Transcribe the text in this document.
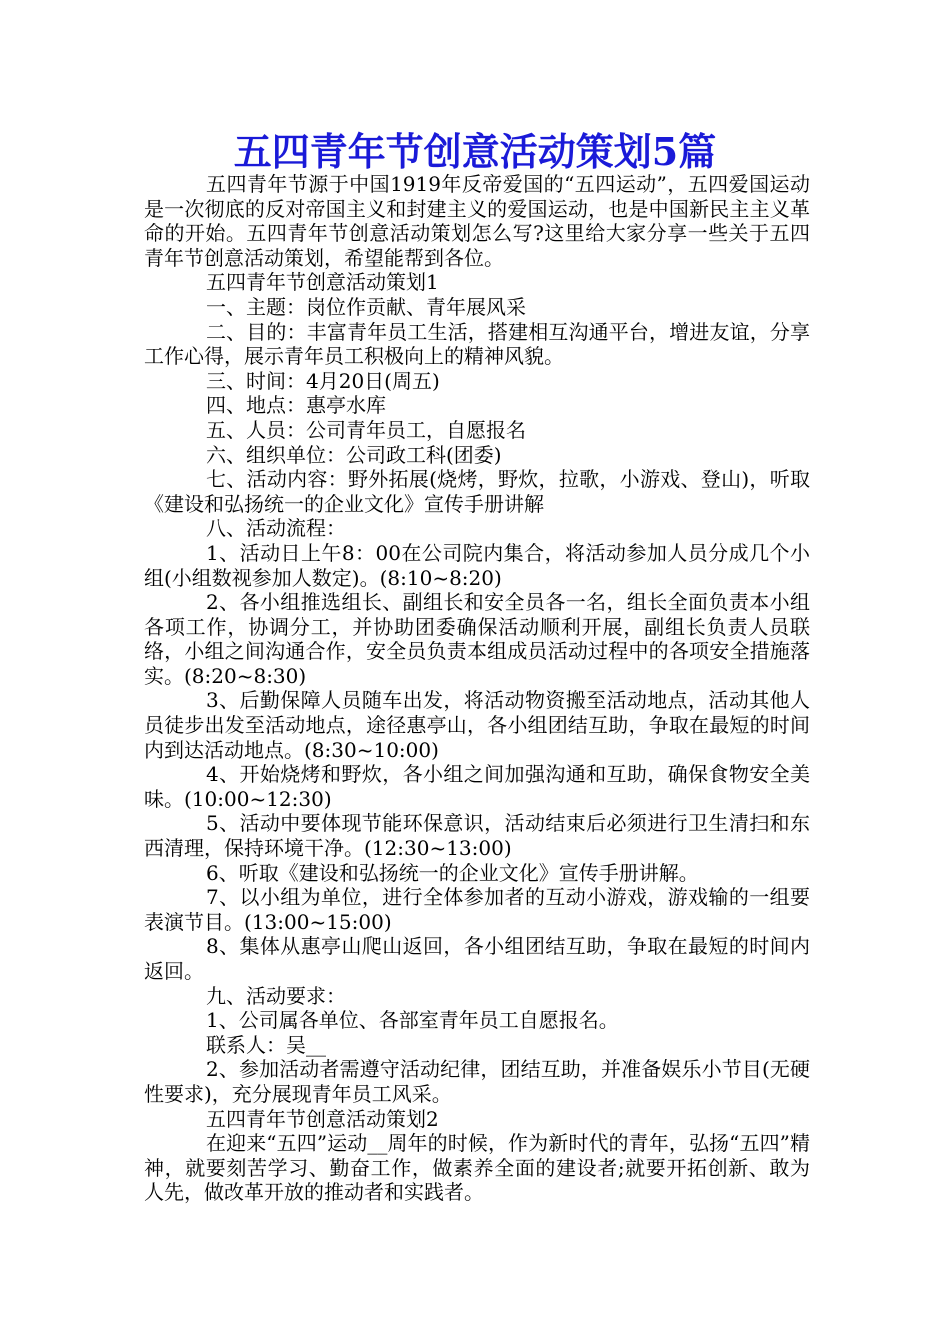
五四青年节创意活动策划5篇

五四青年节源于中国1919年反帝爱国的“五四运动”，五四爱国运动是一次彻底的反对帝国主义和封建主义的爱国运动，也是中国新民主主义革命的开始。五四青年节创意活动策划怎么写?这里给大家分享一些关于五四青年节创意活动策划，希望能帮到各位。

五四青年节创意活动策划1

一、主题：岗位作贡献、青年展风采

二、目的：丰富青年员工生活，搭建相互沟通平台，增进友谊，分享工作心得，展示青年员工积极向上的精神风貌。

三、时间：4月20日(周五)

四、地点：惠亭水库

五、人员：公司青年员工，自愿报名

六、组织单位：公司政工科(团委)

七、活动内容：野外拓展(烧烤，野炊，拉歌，小游戏、登山)，听取《建设和弘扬统一的企业文化》宣传手册讲解

八、活动流程：

1、活动日上午8：00在公司院内集合，将活动参加人员分成几个小组(小组数视参加人数定)。(8:10~8:20)

2、各小组推选组长、副组长和安全员各一名，组长全面负责本小组各项工作，协调分工，并协助团委确保活动顺利开展，副组长负责人员联络，小组之间沟通合作，安全员负责本组成员活动过程中的各项安全措施落实。(8:20~8:30)

3、后勤保障人员随车出发，将活动物资搬至活动地点，活动其他人员徒步出发至活动地点，途径惠亭山，各小组团结互助，争取在最短的时间内到达活动地点。(8:30~10:00)

4、开始烧烤和野炊，各小组之间加强沟通和互助，确保食物安全美味。(10:00~12:30)

5、活动中要体现节能环保意识，活动结束后必须进行卫生清扫和东西清理，保持环境干净。(12:30~13:00)

6、听取《建设和弘扬统一的企业文化》宣传手册讲解。

7、以小组为单位，进行全体参加者的互动小游戏，游戏输的一组要表演节目。(13:00~15:00)

8、集体从惠亭山爬山返回，各小组团结互助，争取在最短的时间内返回。

九、活动要求：

1、公司属各单位、各部室青年员工自愿报名。

联系人：吴__

2、参加活动者需遵守活动纪律，团结互助，并准备娱乐小节目(无硬性要求)，充分展现青年员工风采。

五四青年节创意活动策划2

在迎来“五四”运动__周年的时候，作为新时代的青年，弘扬“五四”精神，就要刻苦学习、勤奋工作，做素养全面的建设者;就要开拓创新、敢为人先，做改革开放的推动者和实践者。
